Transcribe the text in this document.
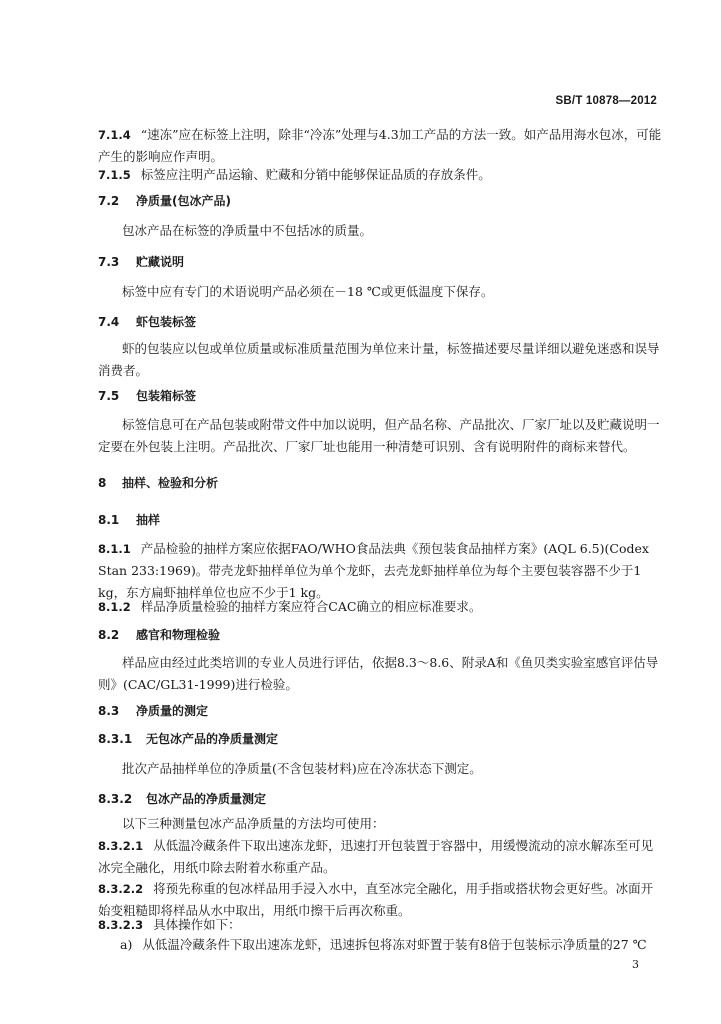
SB/T 10878—2012
7.1.4 “速冻”应在标签上注明，除非“冷冻”处理与4.3加工产品的方法一致。如产品用海水包冰，可能产生的影响应作声明。
7.1.5 标签应注明产品运输、贮藏和分销中能够保证品质的存放条件。
7.2 净质量(包冰产品)
包冰产品在标签的净质量中不包括冰的质量。
7.3 贮藏说明
标签中应有专门的术语说明产品必须在－18 ℃或更低温度下保存。
7.4 虾包装标签
虾的包装应以包或单位质量或标准质量范围为单位来计量，标签描述要尽量详细以避免迷惑和误导消费者。
7.5 包装箱标签
标签信息可在产品包装或附带文件中加以说明，但产品名称、产品批次、厂家厂址以及贮藏说明一定要在外包装上注明。产品批次、厂家厂址也能用一种清楚可识别、含有说明附件的商标来替代。
8 抽样、检验和分析
8.1 抽样
8.1.1 产品检验的抽样方案应依据FAO/WHO食品法典《预包装食品抽样方案》(AQL 6.5)(Codex Stan 233:1969)。带壳龙虾抽样单位为单个龙虾，去壳龙虾抽样单位为每个主要包装容器不少于1 kg，东方扁虾抽样单位也应不少于1 kg。
8.1.2 样品净质量检验的抽样方案应符合CAC确立的相应标准要求。
8.2 感官和物理检验
样品应由经过此类培训的专业人员进行评估，依据8.3～8.6、附录A和《鱼贝类实验室感官评估导则》(CAC/GL31-1999)进行检验。
8.3 净质量的测定
8.3.1 无包冰产品的净质量测定
批次产品抽样单位的净质量(不含包装材料)应在冷冻状态下测定。
8.3.2 包冰产品的净质量测定
以下三种测量包冰产品净质量的方法均可使用：
8.3.2.1 从低温冷藏条件下取出速冻龙虾，迅速打开包装置于容器中，用缓慢流动的凉水解冻至可见冰完全融化，用纸巾除去附着水称重产品。
8.3.2.2 将预先称重的包冰样品用手浸入水中，直至冰完全融化，用手指或搭状物会更好些。冰面开始变粗糙即将样品从水中取出，用纸巾擦干后再次称重。
8.3.2.3 具体操作如下：
a) 从低温冷藏条件下取出速冻龙虾，迅速拆包将冻对虾置于装有8倍于包装标示净质量的27 ℃
3
